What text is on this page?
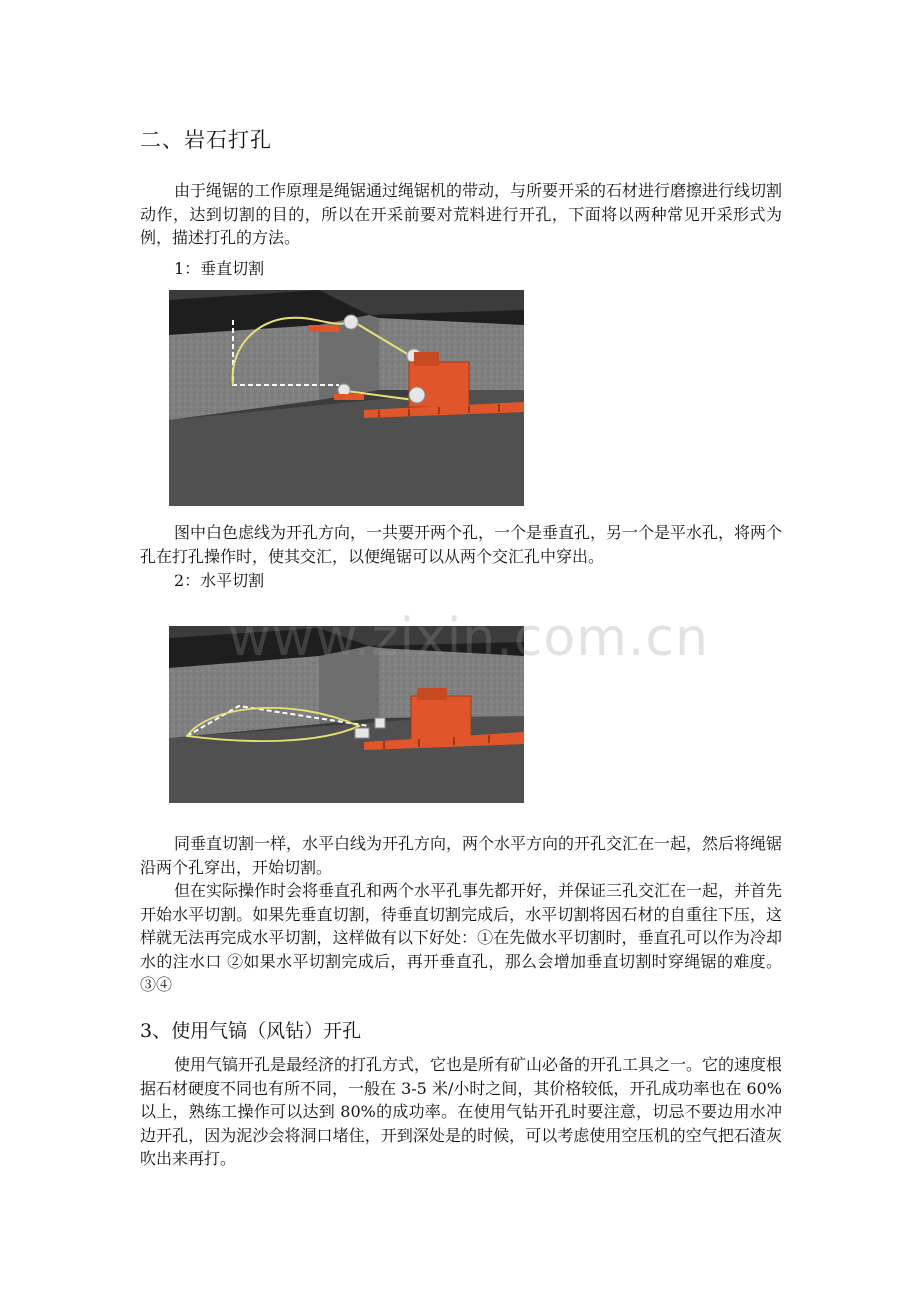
二、岩石打孔

由于绳锯的工作原理是绳锯通过绳锯机的带动，与所要开采的石材进行磨擦进行线切割动作，达到切割的目的，所以在开采前要对荒料进行开孔，下面将以两种常见开采形式为例，描述打孔的方法。

1：垂直切割

图中白色虑线为开孔方向，一共要开两个孔，一个是垂直孔，另一个是平水孔，将两个孔在打孔操作时，使其交汇，以便绳锯可以从两个交汇孔中穿出。

2：水平切割
www.zixin.com.cn

同垂直切割一样，水平白线为开孔方向，两个水平方向的开孔交汇在一起，然后将绳锯沿两个孔穿出，开始切割。

但在实际操作时会将垂直孔和两个水平孔事先都开好，并保证三孔交汇在一起，并首先开始水平切割。如果先垂直切割，待垂直切割完成后，水平切割将因石材的自重往下压，这样就无法再完成水平切割，这样做有以下好处：①在先做水平切割时，垂直孔可以作为冷却水的注水口 ②如果水平切割完成后，再开垂直孔，那么会增加垂直切割时穿绳锯的难度。 ③④

3、使用气镐（风钻）开孔

使用气镐开孔是最经济的打孔方式，它也是所有矿山必备的开孔工具之一。它的速度根据石材硬度不同也有所不同，一般在 3-5 米/小时之间，其价格较低，开孔成功率也在 60%以上，熟练工操作可以达到 80%的成功率。在使用气钻开孔时要注意，切忌不要边用水冲边开孔，因为泥沙会将洞口堵住，开到深处是的时候，可以考虑使用空压机的空气把石渣灰吹出来再打。
